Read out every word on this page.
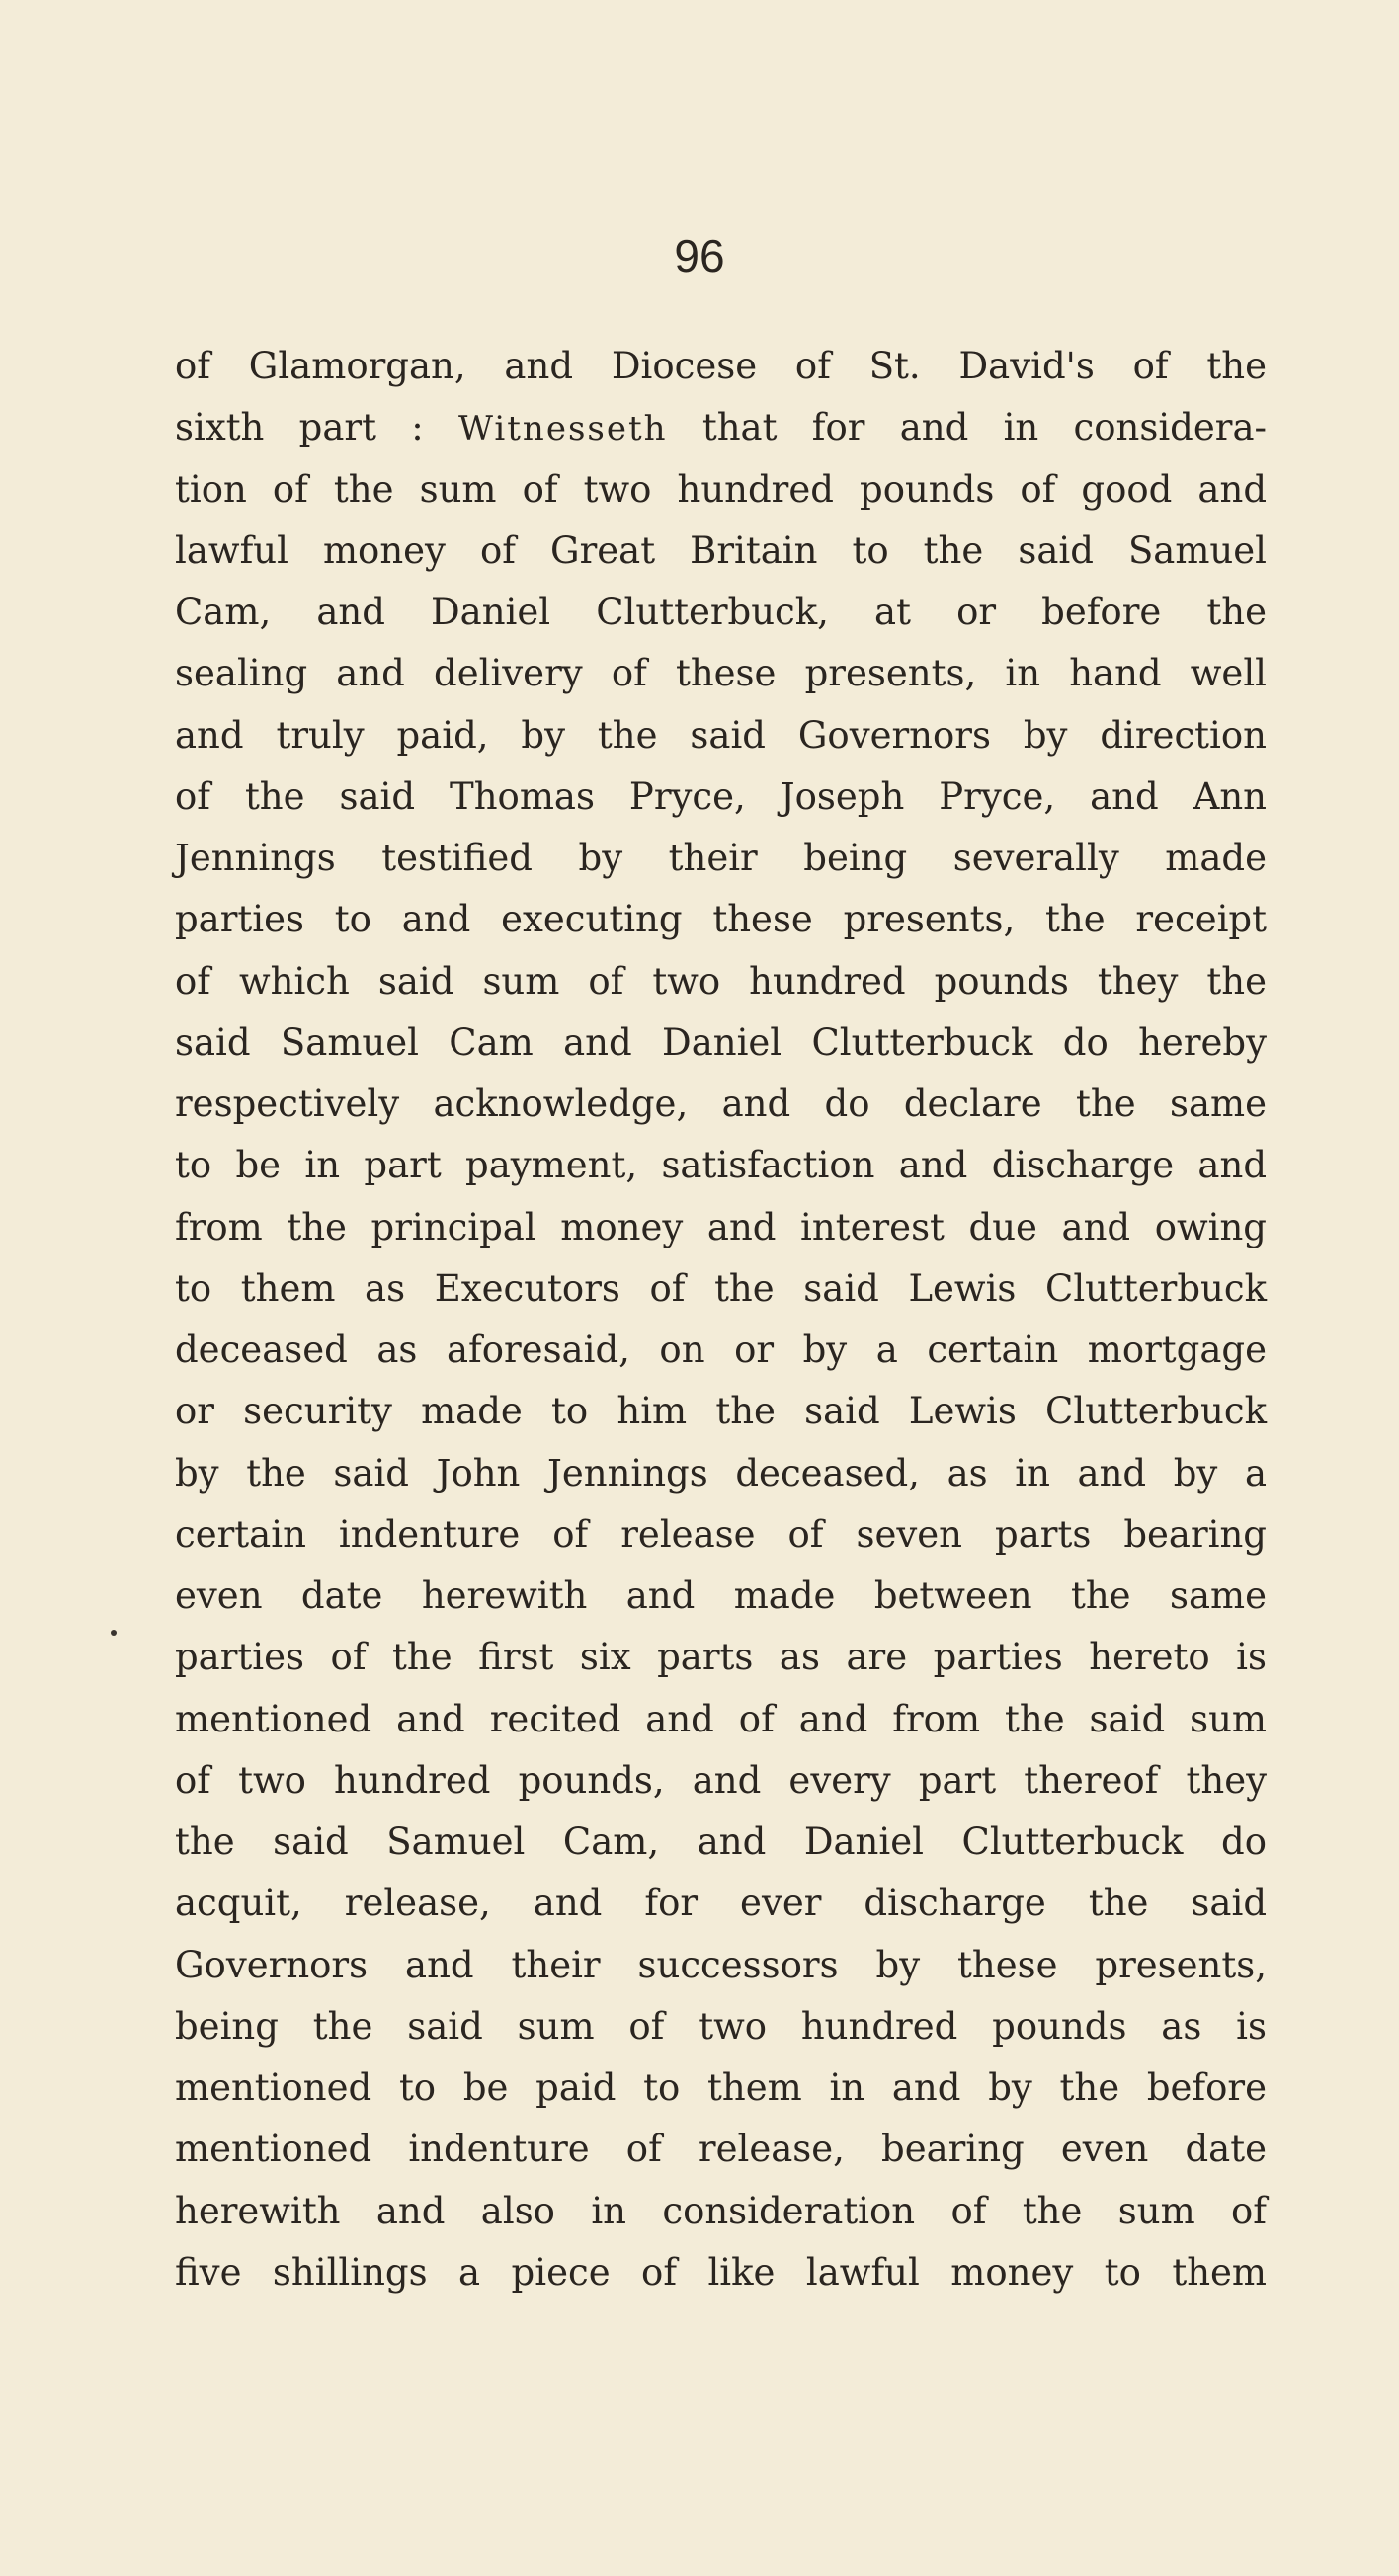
96
of Glamorgan, and Diocese of St. David's of the
sixth part : Witnesseth that for and in considera-
tion of the sum of two hundred pounds of good and
lawful money of Great Britain to the said Samuel
Cam, and Daniel Clutterbuck, at or before the
sealing and delivery of these presents, in hand well
and truly paid, by the said Governors by direction
of the said Thomas Pryce, Joseph Pryce, and Ann
Jennings testified by their being severally made
parties to and executing these presents, the receipt
of which said sum of two hundred pounds they the
said Samuel Cam and Daniel Clutterbuck do hereby
respectively acknowledge, and do declare the same
to be in part payment, satisfaction and discharge and
from the principal money and interest due and owing
to them as Executors of the said Lewis Clutterbuck
deceased as aforesaid, on or by a certain mortgage
or security made to him the said Lewis Clutterbuck
by the said John Jennings deceased, as in and by a
certain indenture of release of seven parts bearing
even date herewith and made between the same
parties of the first six parts as are parties hereto is
mentioned and recited and of and from the said sum
of two hundred pounds, and every part thereof they
the said Samuel Cam, and Daniel Clutterbuck do
acquit, release, and for ever discharge the said
Governors and their successors by these presents,
being the said sum of two hundred pounds as is
mentioned to be paid to them in and by the before
mentioned indenture of release, bearing even date
herewith and also in consideration of the sum of
five shillings a piece of like lawful money to them
